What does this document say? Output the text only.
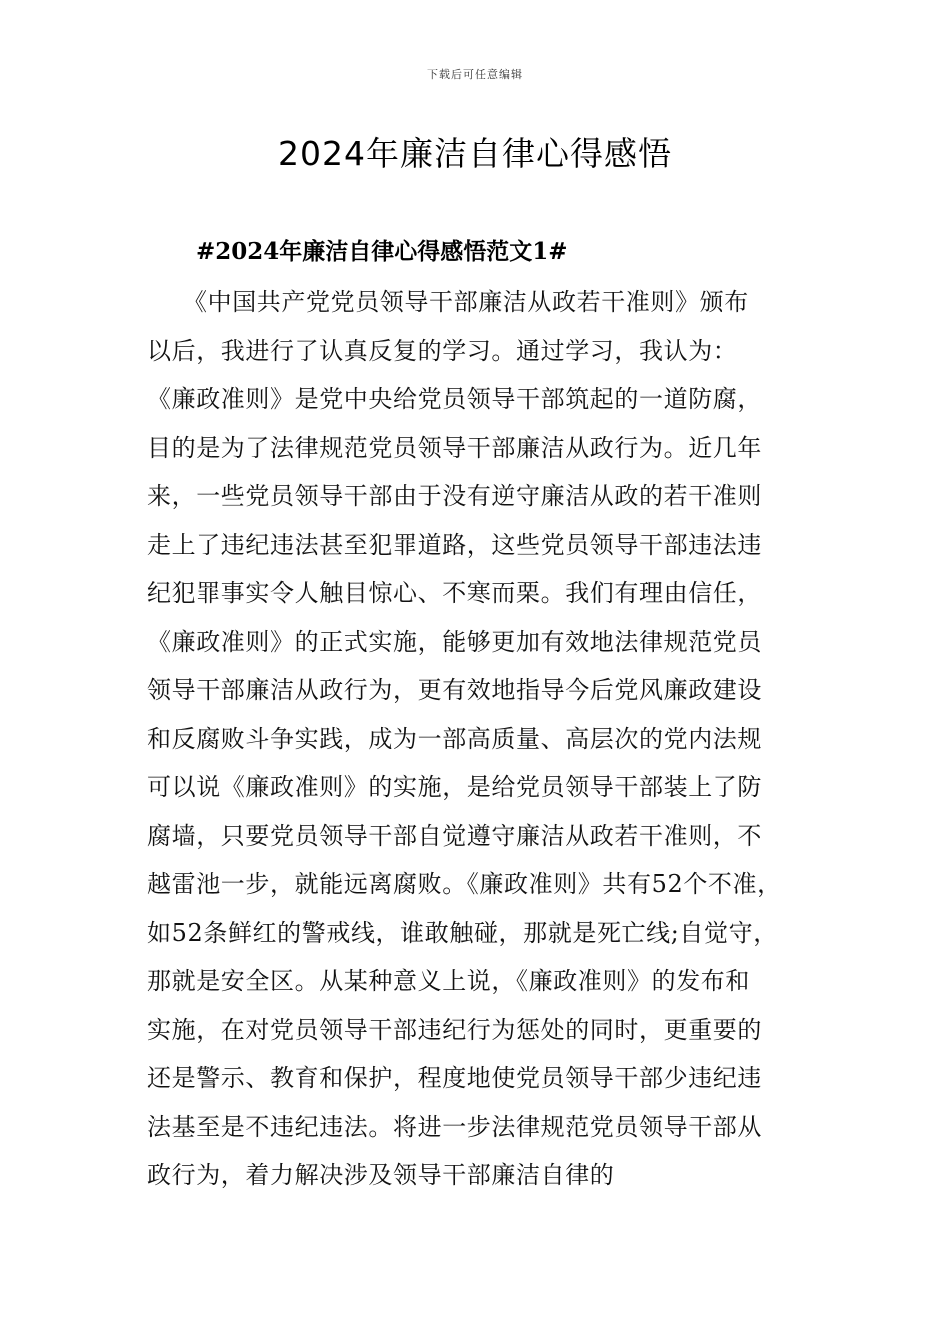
下载后可任意编辑
2024年廉洁自律心得感悟
#2024年廉洁自律心得感悟范文1#
《中国共产党党员领导干部廉洁从政若干准则》颁布
以后，我进行了认真反复的学习。通过学习，我认为：
《廉政准则》是党中央给党员领导干部筑起的一道防腐，
目的是为了法律规范党员领导干部廉洁从政行为。近几年
来，一些党员领导干部由于没有逆守廉洁从政的若干准则
走上了违纪违法甚至犯罪道路，这些党员领导干部违法违
纪犯罪事实令人触目惊心、不寒而栗。我们有理由信任，
《廉政准则》的正式实施，能够更加有效地法律规范党员
领导干部廉洁从政行为，更有效地指导今后党风廉政建设
和反腐败斗争实践，成为一部高质量、高层次的党内法规
可以说《廉政准则》的实施，是给党员领导干部装上了防
腐墙，只要党员领导干部自觉遵守廉洁从政若干准则，不
越雷池一步，就能远离腐败。《廉政准则》共有52个不准，
如52条鲜红的警戒线，谁敢触碰，那就是死亡线;自觉守，
那就是安全区。从某种意义上说，《廉政准则》的发布和
实施，在对党员领导干部违纪行为惩处的同时，更重要的
还是警示、教育和保护，程度地使党员领导干部少违纪违
法基至是不违纪违法。将进一步法律规范党员领导干部从
政行为，着力解决涉及领导干部廉洁自律的
